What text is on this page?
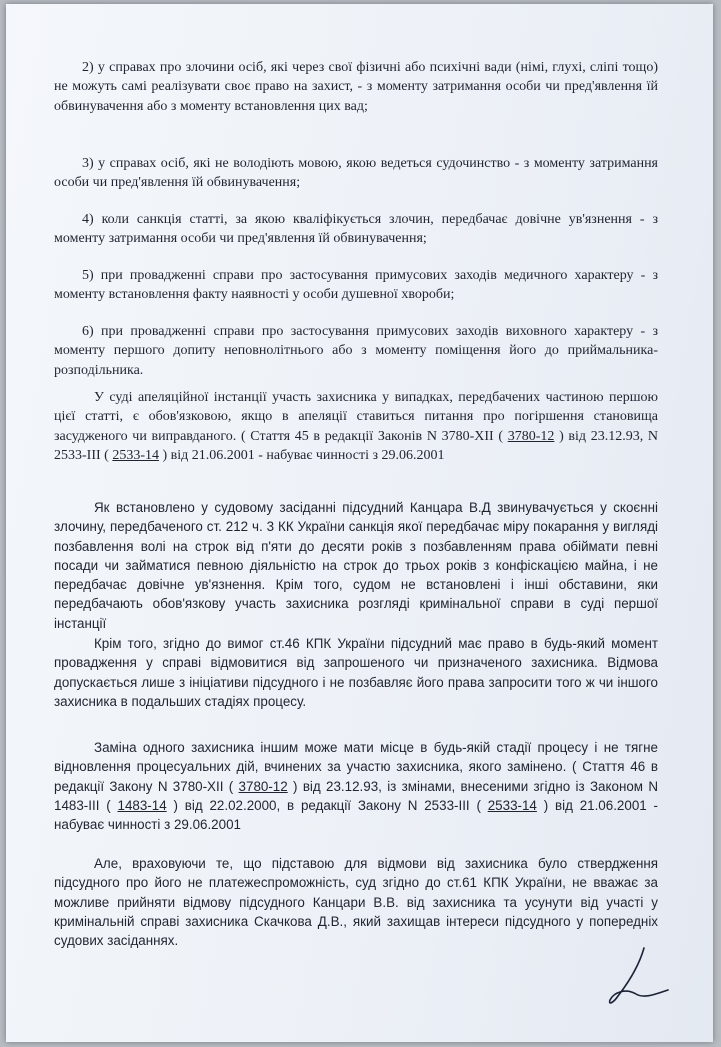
2) у справах про злочини осіб, які через свої фізичні або психічні вади (німі, глухі, сліпі тощо) не можуть самі реалізувати своє право на захист, - з моменту затримання особи чи пред'явлення їй обвинувачення або з моменту встановлення цих вад;

3) у справах осіб, які не володіють мовою, якою ведеться судочинство - з моменту затримання особи чи пред'явлення їй обвинувачення;

4) коли санкція статті, за якою кваліфікується злочин, передбачає довічне ув'язнення - з моменту затримання особи чи пред'явлення їй обвинувачення;

5) при провадженні справи про застосування примусових заходів медичного характеру - з моменту встановлення факту наявності у особи душевної хвороби;

6) при провадженні справи про застосування примусових заходів виховного характеру - з моменту першого допиту неповнолітнього або з моменту поміщення його до приймальника-розподільника.

У суді апеляційної інстанції участь захисника у випадках, передбачених частиною першою цієї статті, є обов'язковою, якщо в апеляції ставиться питання про погіршення становища засудженого чи виправданого. ( Стаття 45 в редакції Законів N 3780-XII ( 3780-12 ) від 23.12.93, N 2533-III ( 2533-14 ) від 21.06.2001 - набуває чинності з 29.06.2001

Як встановлено у судовому засіданні підсудний Канцара В.Д звинувачується у скоєнні злочину, передбаченого ст. 212 ч. 3 КК України санкція якої передбачає міру покарання у вигляді позбавлення волі на строк від п'яти до десяти років з позбавленням права обіймати певні посади чи займатися певною діяльністю на строк до трьох років з конфіскацією майна, і не передбачає довічне ув'язнення. Крім того, судом не встановлені і інші обставини, яки передбачають обов'язкову участь захисника розгляді кримінальної справи в суді першої інстанції

Крім того, згідно до вимог ст.46 КПК України підсудний має право в будь-який момент провадження у справі відмовитися від запрошеного чи призначеного захисника. Відмова допускається лише з ініціативи підсудного і не позбавляє його права запросити того ж чи іншого захисника в подальших стадіях процесу.

Заміна одного захисника іншим може мати місце в будь-якій стадії процесу і не тягне відновлення процесуальних дій, вчинених за участю захисника, якого замінено. ( Стаття 46 в редакції Закону N 3780-XII ( 3780-12 ) від 23.12.93, із змінами, внесеними згідно із Законом N 1483-III ( 1483-14 ) від 22.02.2000, в редакції Закону N 2533-III ( 2533-14 ) від 21.06.2001 - набуває чинності з 29.06.2001

Але, враховуючи те, що підставою для відмови від захисника було ствердження підсудного про його не платежеспроможність, суд згідно до ст.61 КПК України, не вважає за можливе прийняти відмову підсудного Канцари В.В. від захисника та усунути від участі у кримінальній справі захисника Скачкова Д.В., який захищав інтереси підсудного у попередніх судових засіданнях.
